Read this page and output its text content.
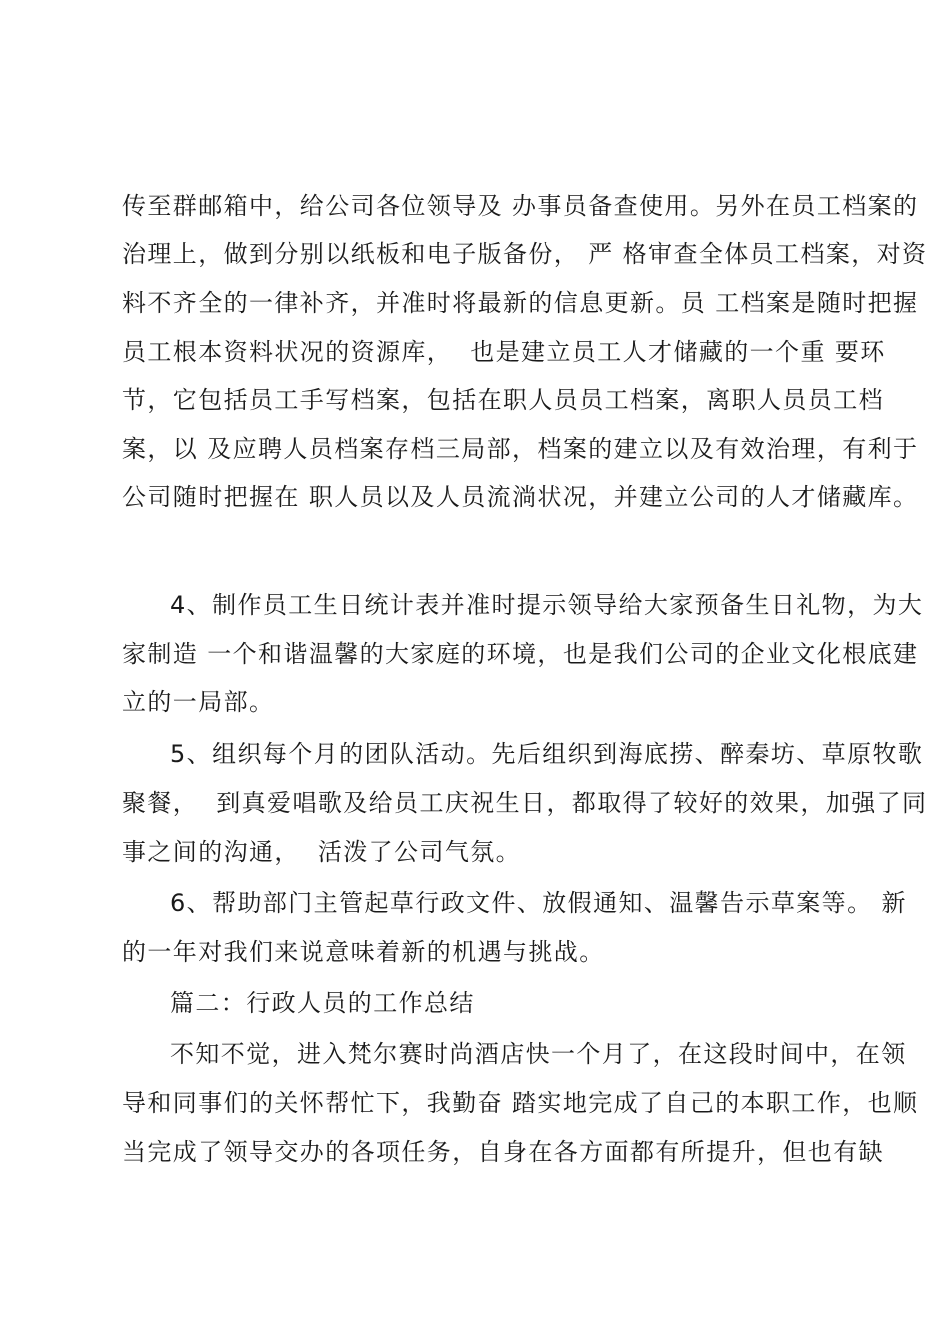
传至群邮箱中，给公司各位领导及 办事员备查使用。另外在员工档案的
治理上，做到分别以纸板和电子版备份， 严 格审查全体员工档案，对资
料不齐全的一律补齐，并准时将最新的信息更新。员 工档案是随时把握
员工根本资料状况的资源库，  也是建立员工人才储藏的一个重 要环
节，它包括员工手写档案，包括在职人员员工档案，离职人员员工档
案，以 及应聘人员档案存档三局部，档案的建立以及有效治理，有利于
公司随时把握在 职人员以及人员流淌状况，并建立公司的人才储藏库。
4、制作员工生日统计表并准时提示领导给大家预备生日礼物，为大
家制造 一个和谐温馨的大家庭的环境，也是我们公司的企业文化根底建
立的一局部。
5、组织每个月的团队活动。先后组织到海底捞、醉秦坊、草原牧歌
聚餐，  到真爱唱歌及给员工庆祝生日，都取得了较好的效果，加强了同
事之间的沟通，  活泼了公司气氛。
6、帮助部门主管起草行政文件、放假通知、温馨告示草案等。 新
的一年对我们来说意味着新的机遇与挑战。
篇二：行政人员的工作总结
不知不觉，进入梵尔赛时尚酒店快一个月了，在这段时间中，在领
导和同事们的关怀帮忙下，我勤奋 踏实地完成了自己的本职工作，也顺
当完成了领导交办的各项任务，自身在各方面都有所提升，但也有缺
